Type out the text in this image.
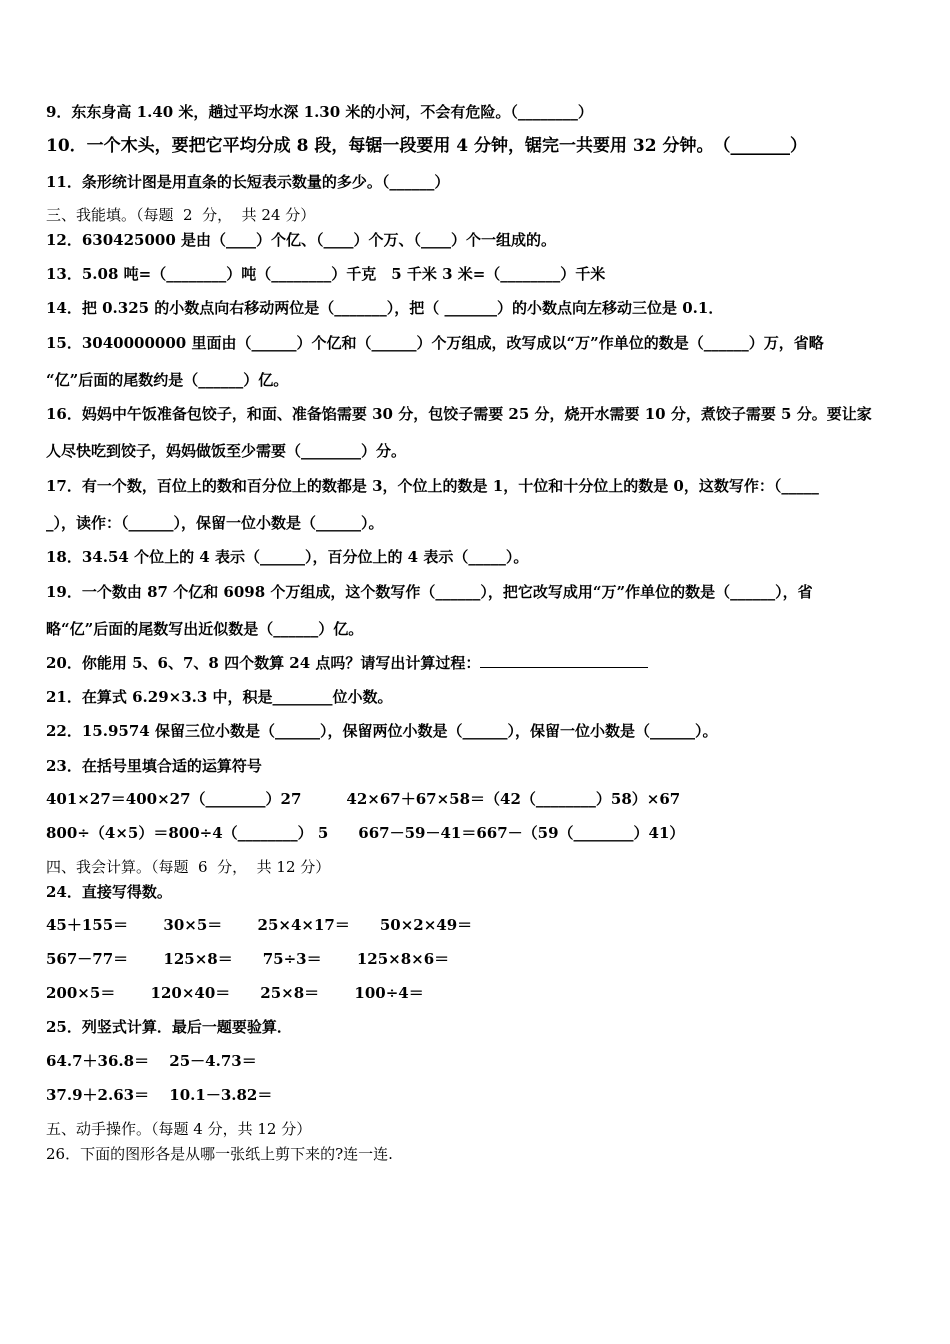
9．东东身高 1.40 米，趟过平均水深 1.30 米的小河，不会有危险。（________）
10．一个木头，要把它平均分成 8 段，每锯一段要用 4 分钟，锯完一共要用 32 分钟。　（_______）
11．条形统计图是用直条的长短表示数量的多少。（______）
三、我能填。（每题  2  分，  共 24 分）
12．630425000 是由（____）个亿、（____）个万、（____）个一组成的。
13．5.08 吨=（________）吨（________）千克　5 千米 3 米=（________）千米
14．把 0.325 的小数点向右移动两位是（_______），把（ _______）的小数点向左移动三位是 0.1．
15．3040000000 里面由（______）个亿和（______）个万组成，改写成以“万”作单位的数是（______）万，省略
“亿”后面的尾数约是（______）亿。
16．妈妈中午饭准备包饺子，和面、准备馅需要 30 分，包饺子需要 25 分，烧开水需要 10 分，煮饺子需要 5 分。要让家
人尽快吃到饺子，妈妈做饭至少需要（________）分。
17．有一个数，百位上的数和百分位上的数都是 3，个位上的数是 1，十位和十分位上的数是 0，这数写作：（_____
_），读作：（______），保留一位小数是（______）。
18．34.54 个位上的 4 表示（______），百分位上的 4 表示（_____）。
19．一个数由 87 个亿和 6098 个万组成，这个数写作（______），把它改写成用“万”作单位的数是（______），省
略“亿”后面的尾数写出近似数是（______）亿。
20．你能用 5、6、7、8 四个数算 24 点吗？请写出计算过程：
21．在算式 6.29×3.3 中，积是________位小数。
22．15.9574 保留三位小数是（______），保留两位小数是（______），保留一位小数是（______）。
23．在括号里填合适的运算符号
401×27＝400×27（________）27　　　42×67＋67×58＝（42（________）58）×67
800÷（4×5）＝800÷4（________） 5　　667－59－41＝667－（59（________）41）
四、我会计算。（每题  6  分，  共 12 分）
24．直接写得数。
45＋155＝　　 30×5＝　　 25×4×17＝　　50×2×49＝
567－77＝　　 125×8＝　　75÷3＝　　 125×8×6＝
200×5＝　　 120×40＝　　25×8＝　　 100÷4＝
25．列竖式计算．最后一题要验算．
64.7＋36.8＝　 25－4.73＝
37.9＋2.63＝　 10.1－3.82＝
五、动手操作。（每题 4 分，共 12 分）
26．下面的图形各是从哪一张纸上剪下来的?连一连.
